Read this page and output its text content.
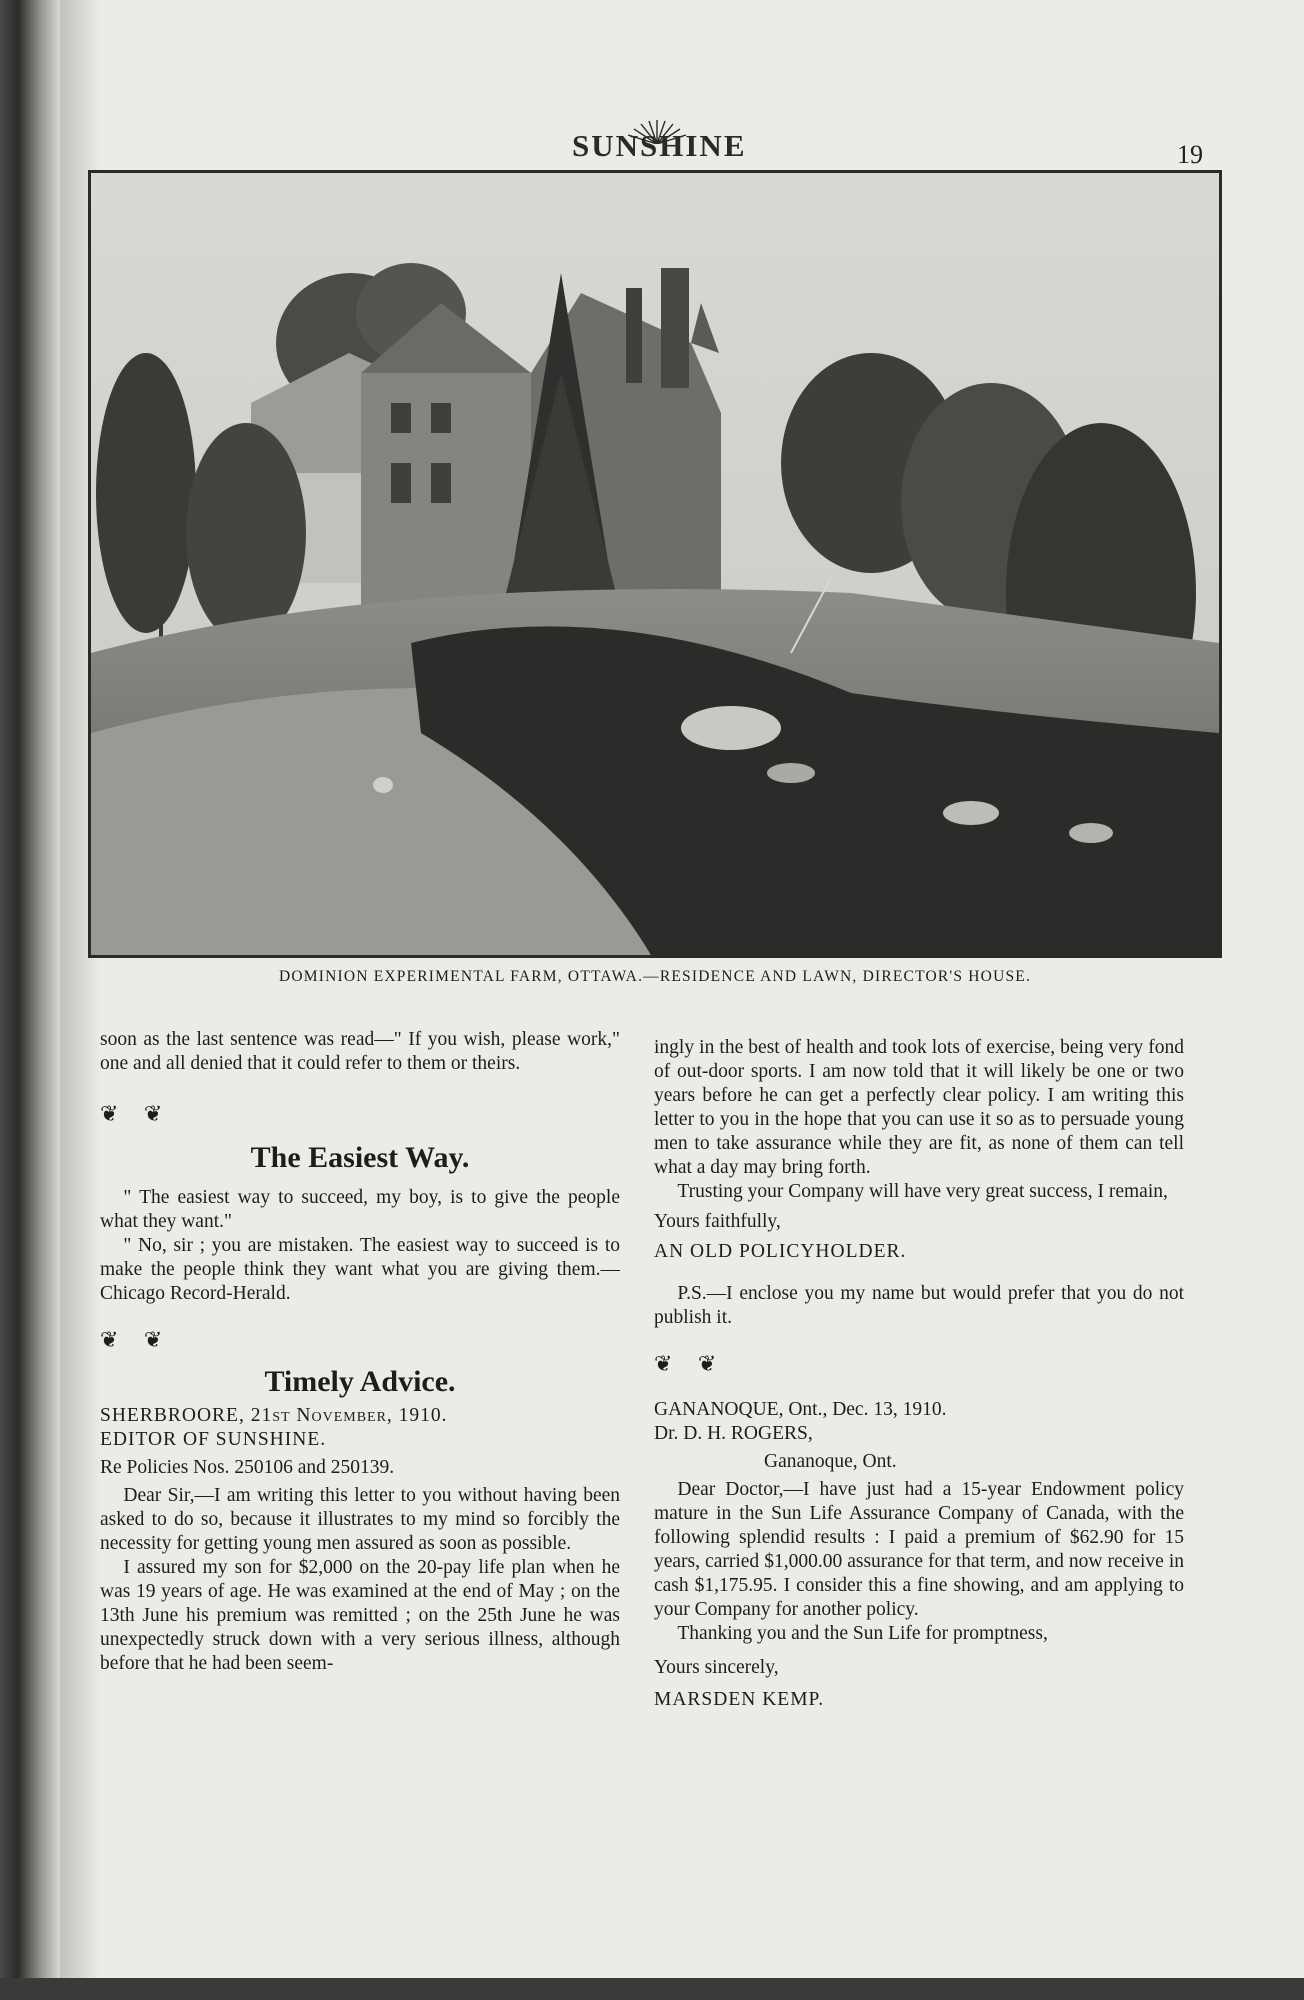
SUNSHINE	19
DOMINION EXPERIMENTAL FARM, OTTAWA.—RESIDENCE AND LAWN, DIRECTOR'S HOUSE.

soon as the last sentence was read—" If you wish, please work," one and all denied that it could refer to them or theirs.

❦ ❦

The Easiest Way.

" The easiest way to succeed, my boy, is to give the people what they want."

" No, sir ; you are mistaken. The easiest way to succeed is to make the people think they want what you are giving them.—Chicago Record-Herald.

❦ ❦

Timely Advice.

SHERBROORE, 21st November, 1910.

EDITOR OF SUNSHINE.

Re Policies Nos. 250106 and 250139.

Dear Sir,—I am writing this letter to you without having been asked to do so, because it illustrates to my mind so forcibly the necessity for getting young men assured as soon as possible.

I assured my son for $2,000 on the 20-pay life plan when he was 19 years of age. He was examined at the end of May ; on the 13th June his premium was remitted ; on the 25th June he was unexpectedly struck down with a very serious illness, although before that he had been seem-

ingly in the best of health and took lots of exercise, being very fond of out-door sports. I am now told that it will likely be one or two years before he can get a perfectly clear policy. I am writing this letter to you in the hope that you can use it so as to persuade young men to take assurance while they are fit, as none of them can tell what a day may bring forth.

Trusting your Company will have very great success, I remain,

Yours faithfully,

AN OLD POLICYHOLDER.

P.S.—I enclose you my name but would prefer that you do not publish it.

❦ ❦

GANANOQUE, Ont., Dec. 13, 1910.

Dr. D. H. ROGERS,

Gananoque, Ont.

Dear Doctor,—I have just had a 15-year Endowment policy mature in the Sun Life Assurance Company of Canada, with the following splendid results : I paid a premium of $62.90 for 15 years, carried $1,000.00 assurance for that term, and now receive in cash $1,175.95. I consider this a fine showing, and am applying to your Company for another policy.

Thanking you and the Sun Life for promptness,

Yours sincerely,

MARSDEN KEMP.
